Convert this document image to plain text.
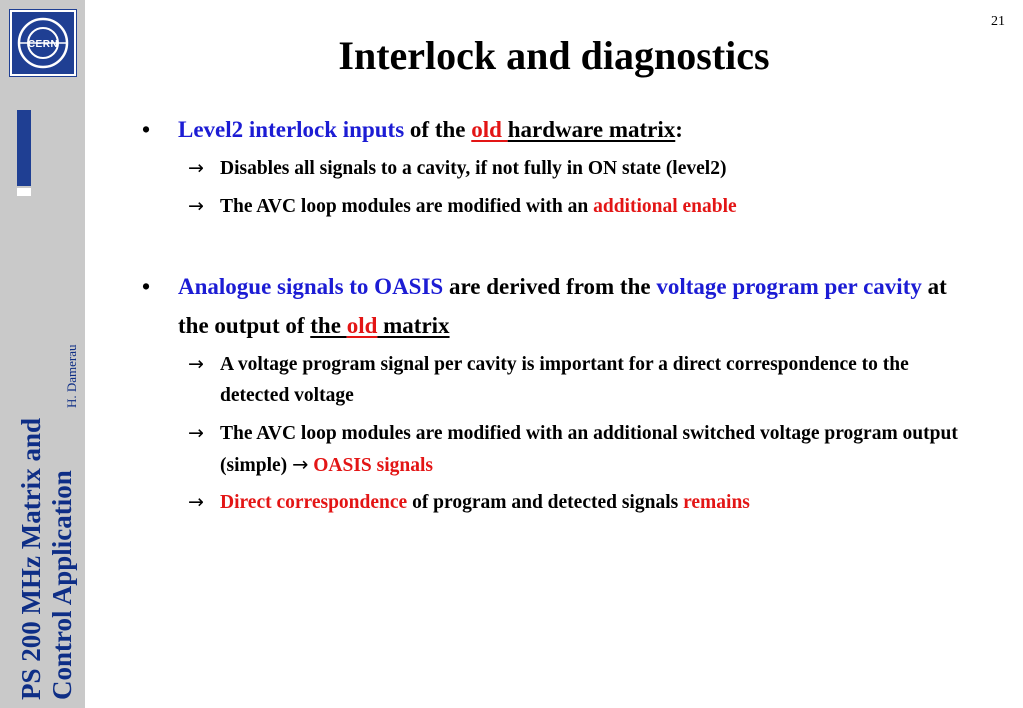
CERN
PS 200 MHz Matrix and Control Application
H. Damerau
21
Interlock and diagnostics
• Level2 interlock inputs of the old hardware matrix:
→ Disables all signals to a cavity, if not fully in ON state (level2)
→ The AVC loop modules are modified with an additional enable
• Analogue signals to OASIS are derived from the voltage program per cavity at the output of the old matrix
→ A voltage program signal per cavity is important for a direct correspondence to the detected voltage
→ The AVC loop modules are modified with an additional switched voltage program output (simple) → OASIS signals
→ Direct correspondence of program and detected signals remains
